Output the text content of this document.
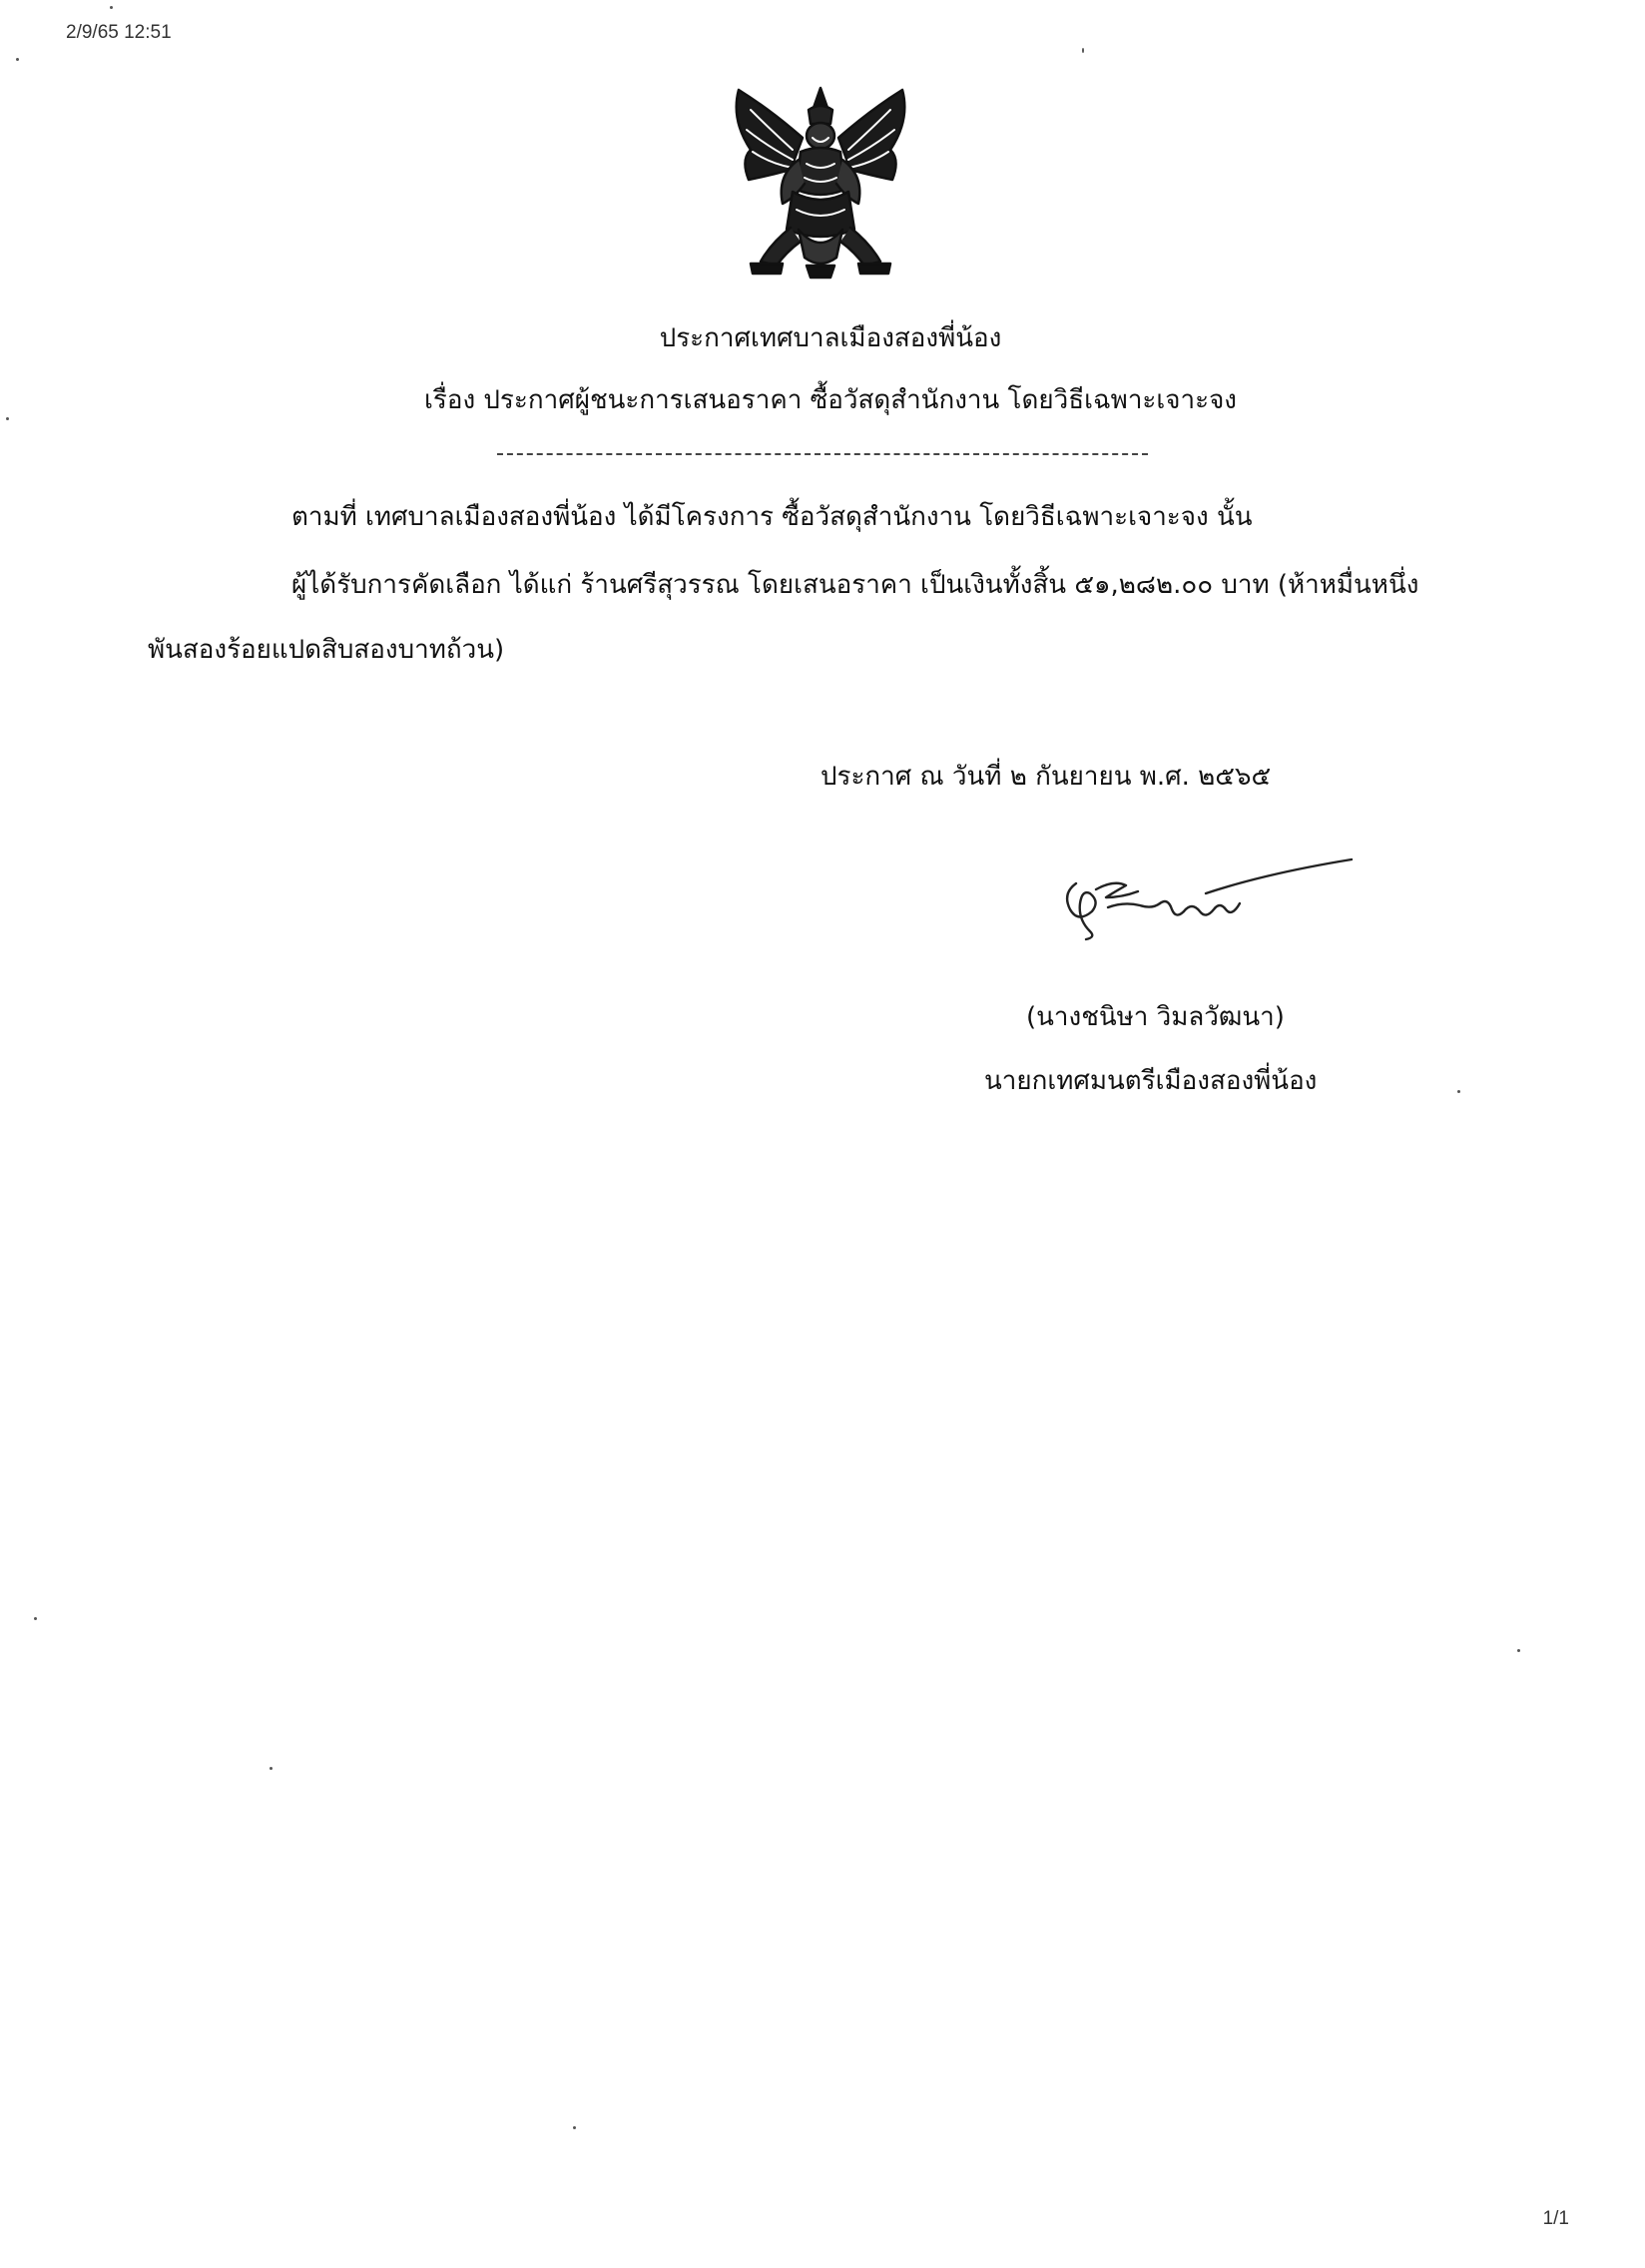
2/9/65 12:51
ประกาศเทศบาลเมืองสองพี่น้อง
เรื่อง ประกาศผู้ชนะการเสนอราคา ซื้อวัสดุสำนักงาน โดยวิธีเฉพาะเจาะจง
ตามที่ เทศบาลเมืองสองพี่น้อง ได้มีโครงการ ซื้อวัสดุสำนักงาน โดยวิธีเฉพาะเจาะจง นั้น
ผู้ได้รับการคัดเลือก ได้แก่ ร้านศรีสุวรรณ โดยเสนอราคา เป็นเงินทั้งสิ้น ๕๑,๒๘๒.๐๐ บาท (ห้าหมื่นหนึ่ง
พันสองร้อยแปดสิบสองบาทถ้วน)
ประกาศ ณ วันที่ ๒ กันยายน พ.ศ. ๒๕๖๕
(นางชนิษา วิมลวัฒนา)
นายกเทศมนตรีเมืองสองพี่น้อง
1/1
